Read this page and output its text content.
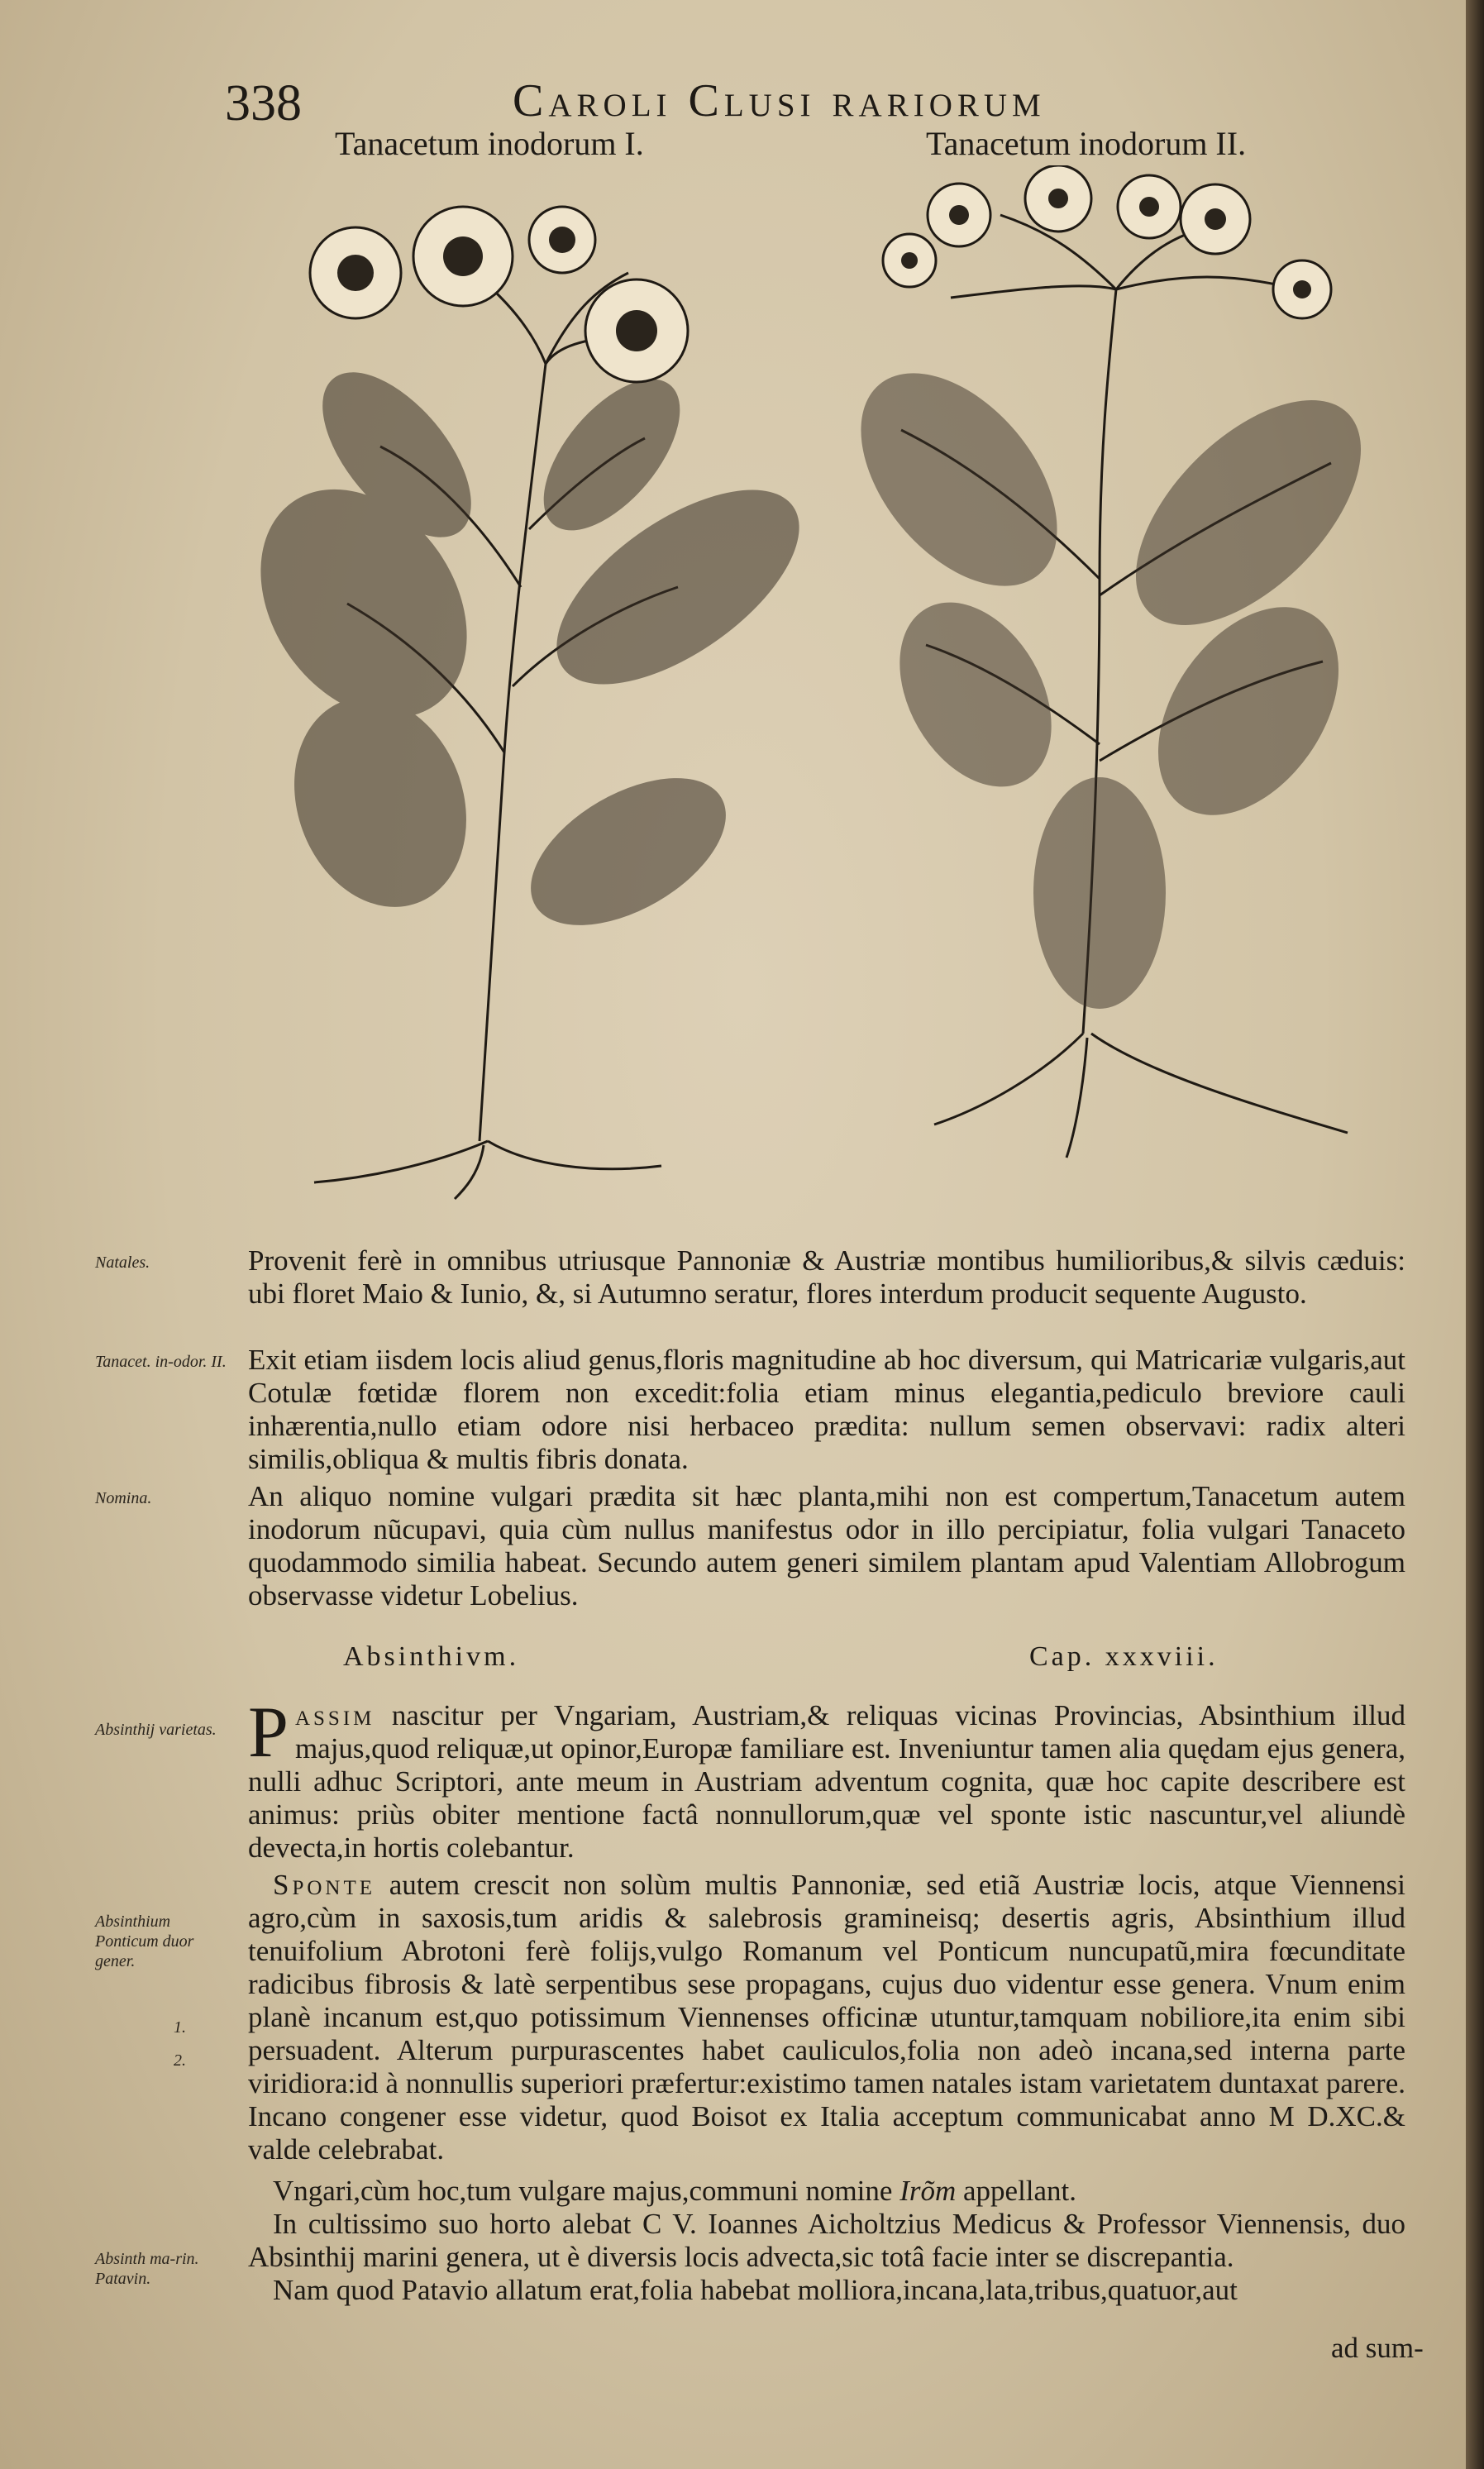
338	Caroli Clusi rariorum
Tanacetum inodorum I.	Tanacetum inodorum II.
Natales.
Tanacet. in-odor. II.
Nomina.
Absinthij varietas.
Absinthium Ponticum duor gener.
1.
2.
Absinth ma-rin. Patavin.

Provenit ferè in omnibus utriusque Pannoniæ & Austriæ montibus humilioribus,& silvis cæduis: ubi floret Maio & Iunio, &, si Autumno seratur, flores interdum producit sequente Augusto.

Exit etiam iisdem locis aliud genus,floris magnitudine ab hoc diversum, qui Matricariæ vulgaris,aut Cotulæ fœtidæ florem non excedit:folia etiam minus elegantia,pediculo breviore cauli inhærentia,nullo etiam odore nisi herbaceo prædita: nullum semen observavi: radix alteri similis,obliqua & multis fibris donata.

An aliquo nomine vulgari prædita sit hæc planta,mihi non est compertum,Tanacetum autem inodorum nũcupavi, quia cùm nullus manifestus odor in illo percipiatur, folia vulgari Tanaceto quodammodo similia habeat. Secundo autem generi similem plantam apud Valentiam Allobrogum observasse videtur Lobelius.

Absinthivm.	Cap. xxxviii.

P assim nascitur per Vngariam, Austriam,& reliquas vicinas Provincias, Absinthium illud majus,quod reliquæ,ut opinor,Europæ familiare est. Inveniuntur tamen alia quędam ejus genera, nulli adhuc Scriptori, ante meum in Austriam adventum cognita, quæ hoc capite describere est animus: priùs obiter mentione factâ nonnullorum,quæ vel sponte istic nascuntur,vel aliundè devecta,in hortis colebantur.

Sponte autem crescit non solùm multis Pannoniæ, sed etiã Austriæ locis, atque Viennensi agro,cùm in saxosis,tum aridis & salebrosis gramineisq; desertis agris, Absinthium illud tenuifolium Abrotoni ferè folijs,vulgo Romanum vel Ponticum nuncupatũ,mira fœcunditate radicibus fibrosis & latè serpentibus sese propagans, cujus duo videntur esse genera. Vnum enim planè incanum est,quo potissimum Viennenses officinæ utuntur,tamquam nobiliore,ita enim sibi persuadent. Alterum purpurascentes habet cauliculos,folia non adeò incana,sed interna parte viridiora:id à nonnullis superiori præfertur:existimo tamen natales istam varietatem duntaxat parere. Incano congener esse videtur, quod Boisot ex Italia acceptum communicabat anno M D.XC.& valde celebrabat.

Vngari,cùm hoc,tum vulgare majus,communi nomine Irõm appellant.

In cultissimo suo horto alebat C V. Ioannes Aicholtzius Medicus & Professor Viennensis, duo Absinthij marini genera, ut è diversis locis advecta,sic totâ facie inter se discrepantia.

Nam quod Patavio allatum erat,folia habebat molliora,incana,lata,tribus,quatuor,aut

ad sum-
